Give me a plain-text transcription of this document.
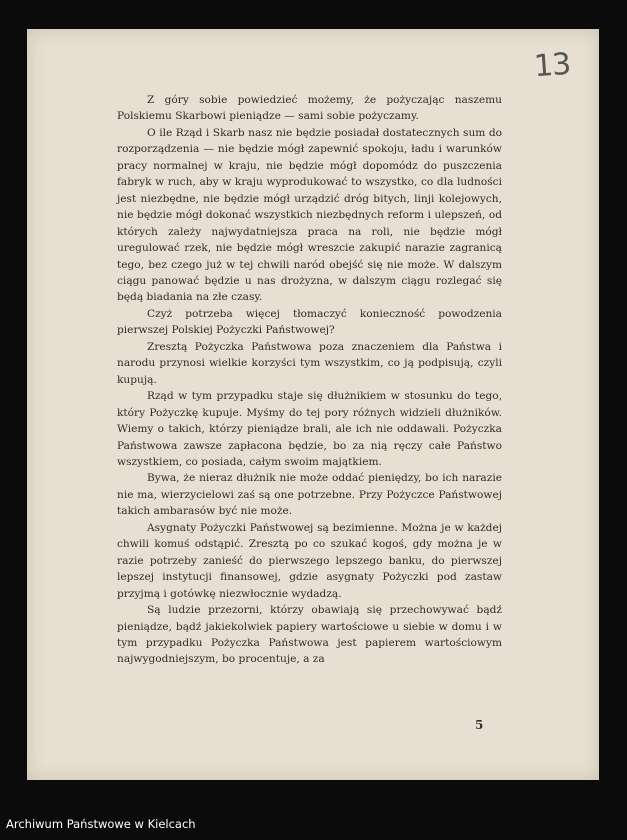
13

Z góry sobie powiedzieć możemy, że pożyczając naszemu Polskiemu Skarbowi pieniądze — sami sobie pożyczamy.

O ile Rząd i Skarb nasz nie będzie posiadał dostatecznych sum do rozporządzenia — nie będzie mógł zapewnić spokoju, ładu i warunków pracy normalnej w kraju, nie będzie mógł dopomódz do puszczenia fabryk w ruch, aby w kraju wyprodukować to wszystko, co dla ludności jest niezbędne, nie będzie mógł urządzić dróg bitych, linji kolejowych, nie będzie mógł dokonać wszystkich niezbędnych reform i ulepszeń, od których zależy najwydatniejsza praca na roli, nie będzie mógł uregulować rzek, nie będzie mógł wreszcie zakupić narazie zagranicą tego, bez czego już w tej chwili naród obejść się nie może. W dalszym ciągu panować będzie u nas drożyzna, w dalszym ciągu rozlegać się będą biadania na złe czasy.

Czyż potrzeba więcej tłomaczyć konieczność powodzenia pierwszej Polskiej Pożyczki Państwowej?

Zresztą Pożyczka Państwowa poza znaczeniem dla Państwa i narodu przynosi wielkie korzyści tym wszystkim, co ją podpisują, czyli kupują.

Rząd w tym przypadku staje się dłużnikiem w stosunku do tego, który Pożyczkę kupuje. Myśmy do tej pory różnych widzieli dłużników. Wiemy o takich, którzy pieniądze brali, ale ich nie oddawali. Pożyczka Państwowa zawsze zapłacona będzie, bo za nią ręczy całe Państwo wszystkiem, co posiada, całym swoim majątkiem.

Bywa, że nieraz dłużnik nie może oddać pieniędzy, bo ich narazie nie ma, wierzycielowi zaś są one potrzebne. Przy Pożyczce Państwowej takich ambarasów być nie może.

Asygnaty Pożyczki Państwowej są bezimienne. Można je w każdej chwili komuś odstąpić. Zresztą po co szukać kogoś, gdy można je w razie potrzeby zanieść do pierwszego lepszego banku, do pierwszej lepszej instytucji finansowej, gdzie asygnaty Pożyczki pod zastaw przyjmą i gotówkę niezwłocznie wydadzą.

Są ludzie przezorni, którzy obawiają się przechowywać bądź pieniądze, bądź jakiekolwiek papiery wartościowe u siebie w domu i w tym przypadku Pożyczka Państwowa jest papierem wartościowym najwygodniejszym, bo procentuje, a za

5
Archiwum Państwowe w Kielcach
